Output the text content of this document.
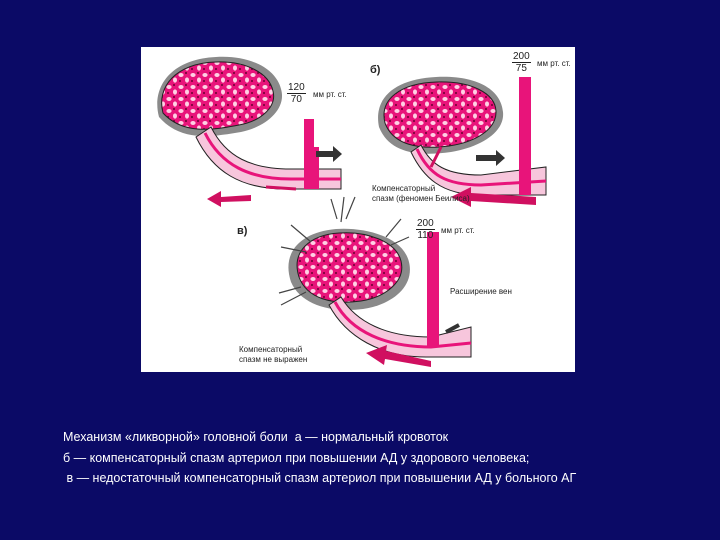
б)
в)
$\frac{120}{70}$ мм рт. ст.
$\frac{200}{75}$ мм рт. ст.
$\frac{200}{110}$ мм рт. ст.
Компенсаторный
спазм (феномен Беилиса)
Расширение вен
Компенсаторный
спазм не выражен
Механизм «ликворной» головной боли  а — нормальный кровоток
б — компенсаторный спазм артериол при повышении АД у здорового человека;
в — недостаточный компенсаторный спазм артериол при повышении АД у больного АГ
